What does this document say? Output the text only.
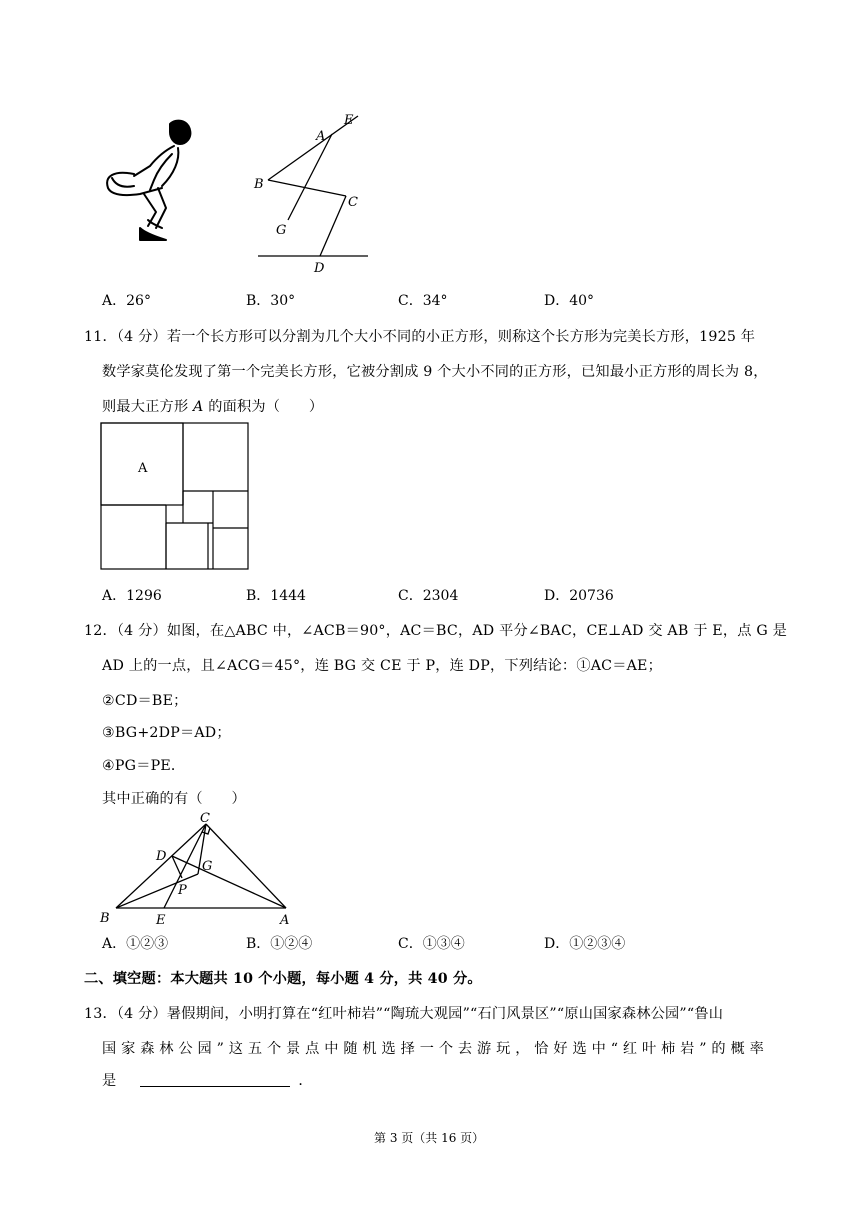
A
E
B
C
G
D
A．26°	B．30°	C．34°	D．40°
11．（4 分）若一个长方形可以分割为几个大小不同的小正方形，则称这个长方形为完美长方形，1925 年
数学家莫伦发现了第一个完美长方形，它被分割成 9 个大小不同的正方形，已知最小正方形的周长为 8，
则最大正方形 A 的面积为（　　）
A
A．1296	B．1444	C．2304	D．20736
12．（4 分）如图，在△ABC 中，∠ACB＝90°，AC＝BC，AD 平分∠BAC，CE⊥AD 交 AB 于 E，点 G 是
AD 上的一点，且∠ACG＝45°，连 BG 交 CE 于 P，连 DP，下列结论：①AC＝AE；
②CD＝BE；
③BG+2DP＝AD；
④PG＝PE．
其中正确的有（　　）
C
D
G
P
B	E	A
A．①②③	B．①②④	C．①③④	D．①②③④
二、填空题：本大题共 10 个小题，每小题 4 分，共 40 分。
13．（4 分）暑假期间，小明打算在“红叶柿岩”“陶琉大观园”“石门风景区”“原山国家森林公园”“鲁山
国 家 森 林 公 园 ” 这 五 个 景 点 中 随 机 选 择 一 个 去 游 玩 ， 恰 好 选 中 “ 红 叶 柿 岩 ” 的 概 率
是	．
第 3 页（共 16 页）
